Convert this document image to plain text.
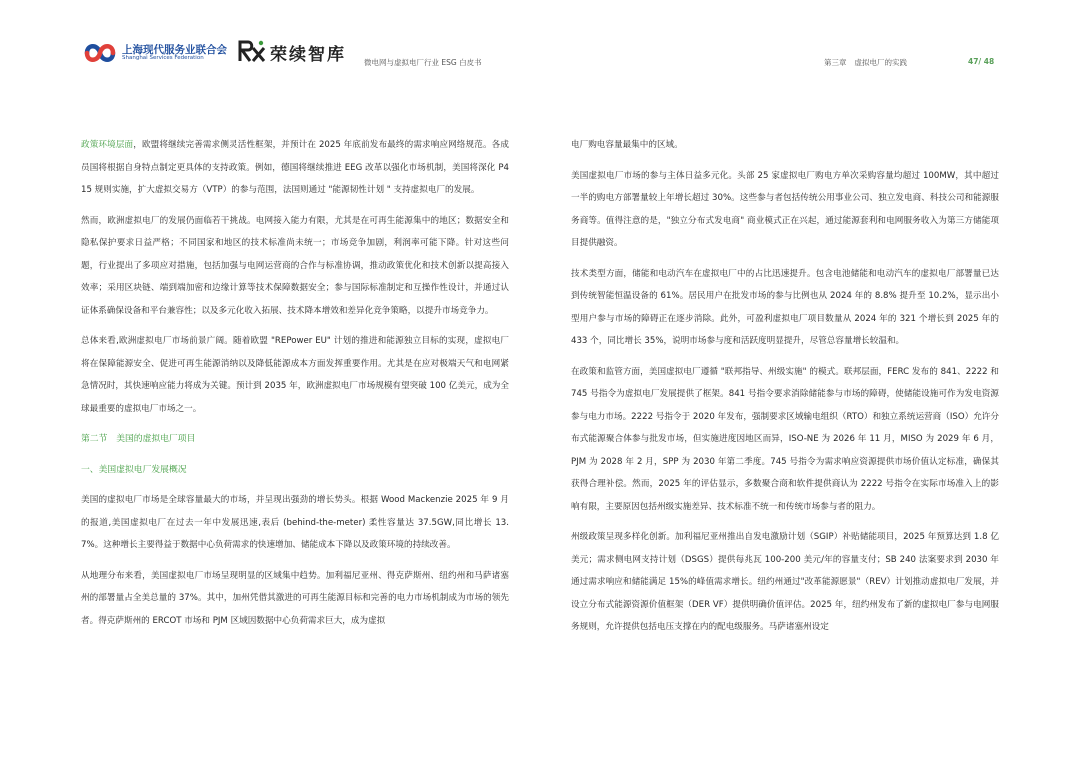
上海现代服务业联合会
Shanghai Services Federation	荣续智库 微电网与虚拟电厂行业 ESG 白皮书	第三章 虚拟电厂的实践	47/ 48

政策环境层面，欧盟将继续完善需求侧灵活性框架，并预计在 2025 年底前发布最终的需求响应网络规范。各成员国将根据自身特点制定更具体的支持政策。例如，德国将继续推进 EEG 改革以强化市场机制，美国将深化 P415 规则实施，扩大虚拟交易方（VTP）的参与范围，法国则通过 "能源韧性计划 " 支持虚拟电厂的发展。

然而，欧洲虚拟电厂的发展仍面临若干挑战。电网接入能力有限，尤其是在可再生能源集中的地区；数据安全和隐私保护要求日益严格；不同国家和地区的技术标准尚未统一；市场竞争加剧，利润率可能下降。针对这些问题，行业提出了多项应对措施，包括加强与电网运营商的合作与标准协调，推动政策优化和技术创新以提高接入效率；采用区块链、端到端加密和边缘计算等技术保障数据安全；参与国际标准制定和互操作性设计，并通过认证体系确保设备和平台兼容性；以及多元化收入拓展、技术降本增效和差异化竞争策略，以提升市场竞争力。

总体来看,欧洲虚拟电厂市场前景广阔。随着欧盟 "REPower EU" 计划的推进和能源独立目标的实现，虚拟电厂将在保障能源安全、促进可再生能源消纳以及降低能源成本方面发挥重要作用。尤其是在应对极端天气和电网紧急情况时，其快速响应能力将成为关键。预计到 2035 年，欧洲虚拟电厂市场规模有望突破 100 亿美元，成为全球最重要的虚拟电厂市场之一。

第二节　美国的虚拟电厂项目
一、美国虚拟电厂发展概况

美国的虚拟电厂市场是全球容量最大的市场，并呈现出强劲的增长势头。根据 Wood Mackenzie 2025 年 9 月的报道,美国虚拟电厂在过去一年中发展迅速,表后 (behind-the-meter) 柔性容量达 37.5GW,同比增长 13.7%。这种增长主要得益于数据中心负荷需求的快速增加、储能成本下降以及政策环境的持续改善。

从地理分布来看，美国虚拟电厂市场呈现明显的区域集中趋势。加利福尼亚州、得克萨斯州、纽约州和马萨诸塞州的部署量占全美总量的 37%。其中，加州凭借其激进的可再生能源目标和完善的电力市场机制成为市场的领先者。得克萨斯州的 ERCOT 市场和 PJM 区域因数据中心负荷需求巨大，成为虚拟

电厂购电容量最集中的区域。

美国虚拟电厂市场的参与主体日益多元化。头部 25 家虚拟电厂购电方单次采购容量均超过 100MW，其中超过一半的购电方部署量较上年增长超过 30%。这些参与者包括传统公用事业公司、独立发电商、科技公司和能源服务商等。值得注意的是，"独立分布式发电商" 商业模式正在兴起，通过能源套利和电网服务收入为第三方储能项目提供融资。

技术类型方面，储能和电动汽车在虚拟电厂中的占比迅速提升。包含电池储能和电动汽车的虚拟电厂部署量已达到传统智能恒温设备的 61%。居民用户在批发市场的参与比例也从 2024 年的 8.8% 提升至 10.2%，显示出小型用户参与市场的障碍正在逐步消除。此外，可盈利虚拟电厂项目数量从 2024 年的 321 个增长到 2025 年的 433 个，同比增长 35%，说明市场参与度和活跃度明显提升，尽管总容量增长较温和。

在政策和监管方面，美国虚拟电厂遵循 "联邦指导、州级实施" 的模式。联邦层面，FERC 发布的 841、2222 和 745 号指令为虚拟电厂发展提供了框架。841 号指令要求消除储能参与市场的障碍，使储能设施可作为发电资源参与电力市场。2222 号指令于 2020 年发布，强制要求区域输电组织（RTO）和独立系统运营商（ISO）允许分布式能源聚合体参与批发市场，但实施进度因地区而异，ISO-NE 为 2026 年 11 月，MISO 为 2029 年 6 月，PJM 为 2028 年 2 月，SPP 为 2030 年第二季度。745 号指令为需求响应资源提供市场价值认定标准，确保其获得合理补偿。然而，2025 年的评估显示，多数聚合商和软件提供商认为 2222 号指令在实际市场准入上的影响有限，主要原因包括州级实施差异、技术标准不统一和传统市场参与者的阻力。

州级政策呈现多样化创新。加利福尼亚州推出自发电激励计划（SGIP）补贴储能项目，2025 年预算达到 1.8 亿美元；需求侧电网支持计划（DSGS）提供每兆瓦 100-200 美元/年的容量支付；SB 240 法案要求到 2030 年通过需求响应和储能满足 15%的峰值需求增长。纽约州通过"改革能源愿景"（REV）计划推动虚拟电厂发展，并设立分布式能源资源价值框架（DER VF）提供明确价值评估。2025 年，纽约州发布了新的虚拟电厂参与电网服务规则，允许提供包括电压支撑在内的配电级服务。马萨诸塞州设定
